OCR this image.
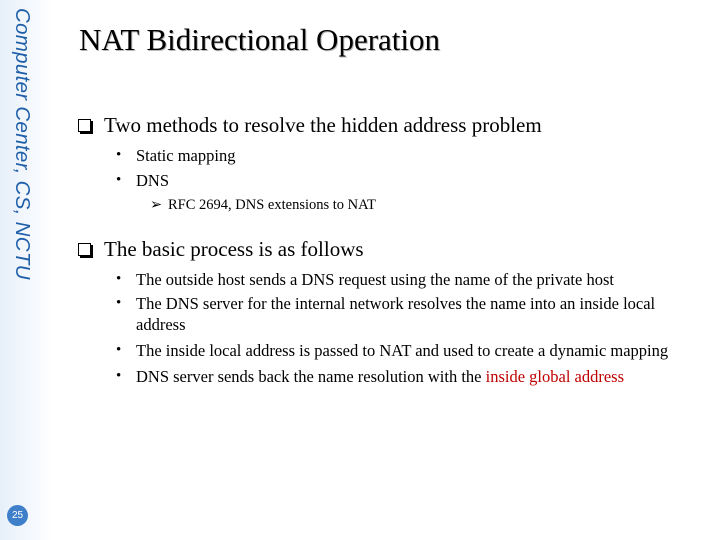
Computer Center, CS, NCTU
25
NAT Bidirectional Operation
Two methods to resolve the hidden address problem
• Static mapping
• DNS
➢ RFC 2694, DNS extensions to NAT
The basic process is as follows
• The outside host sends a DNS request using the name of the private host
• The DNS server for the internal network resolves the name into an inside local address
• The inside local address is passed to NAT and used to create a dynamic mapping
• DNS server sends back the name resolution with the inside global address
